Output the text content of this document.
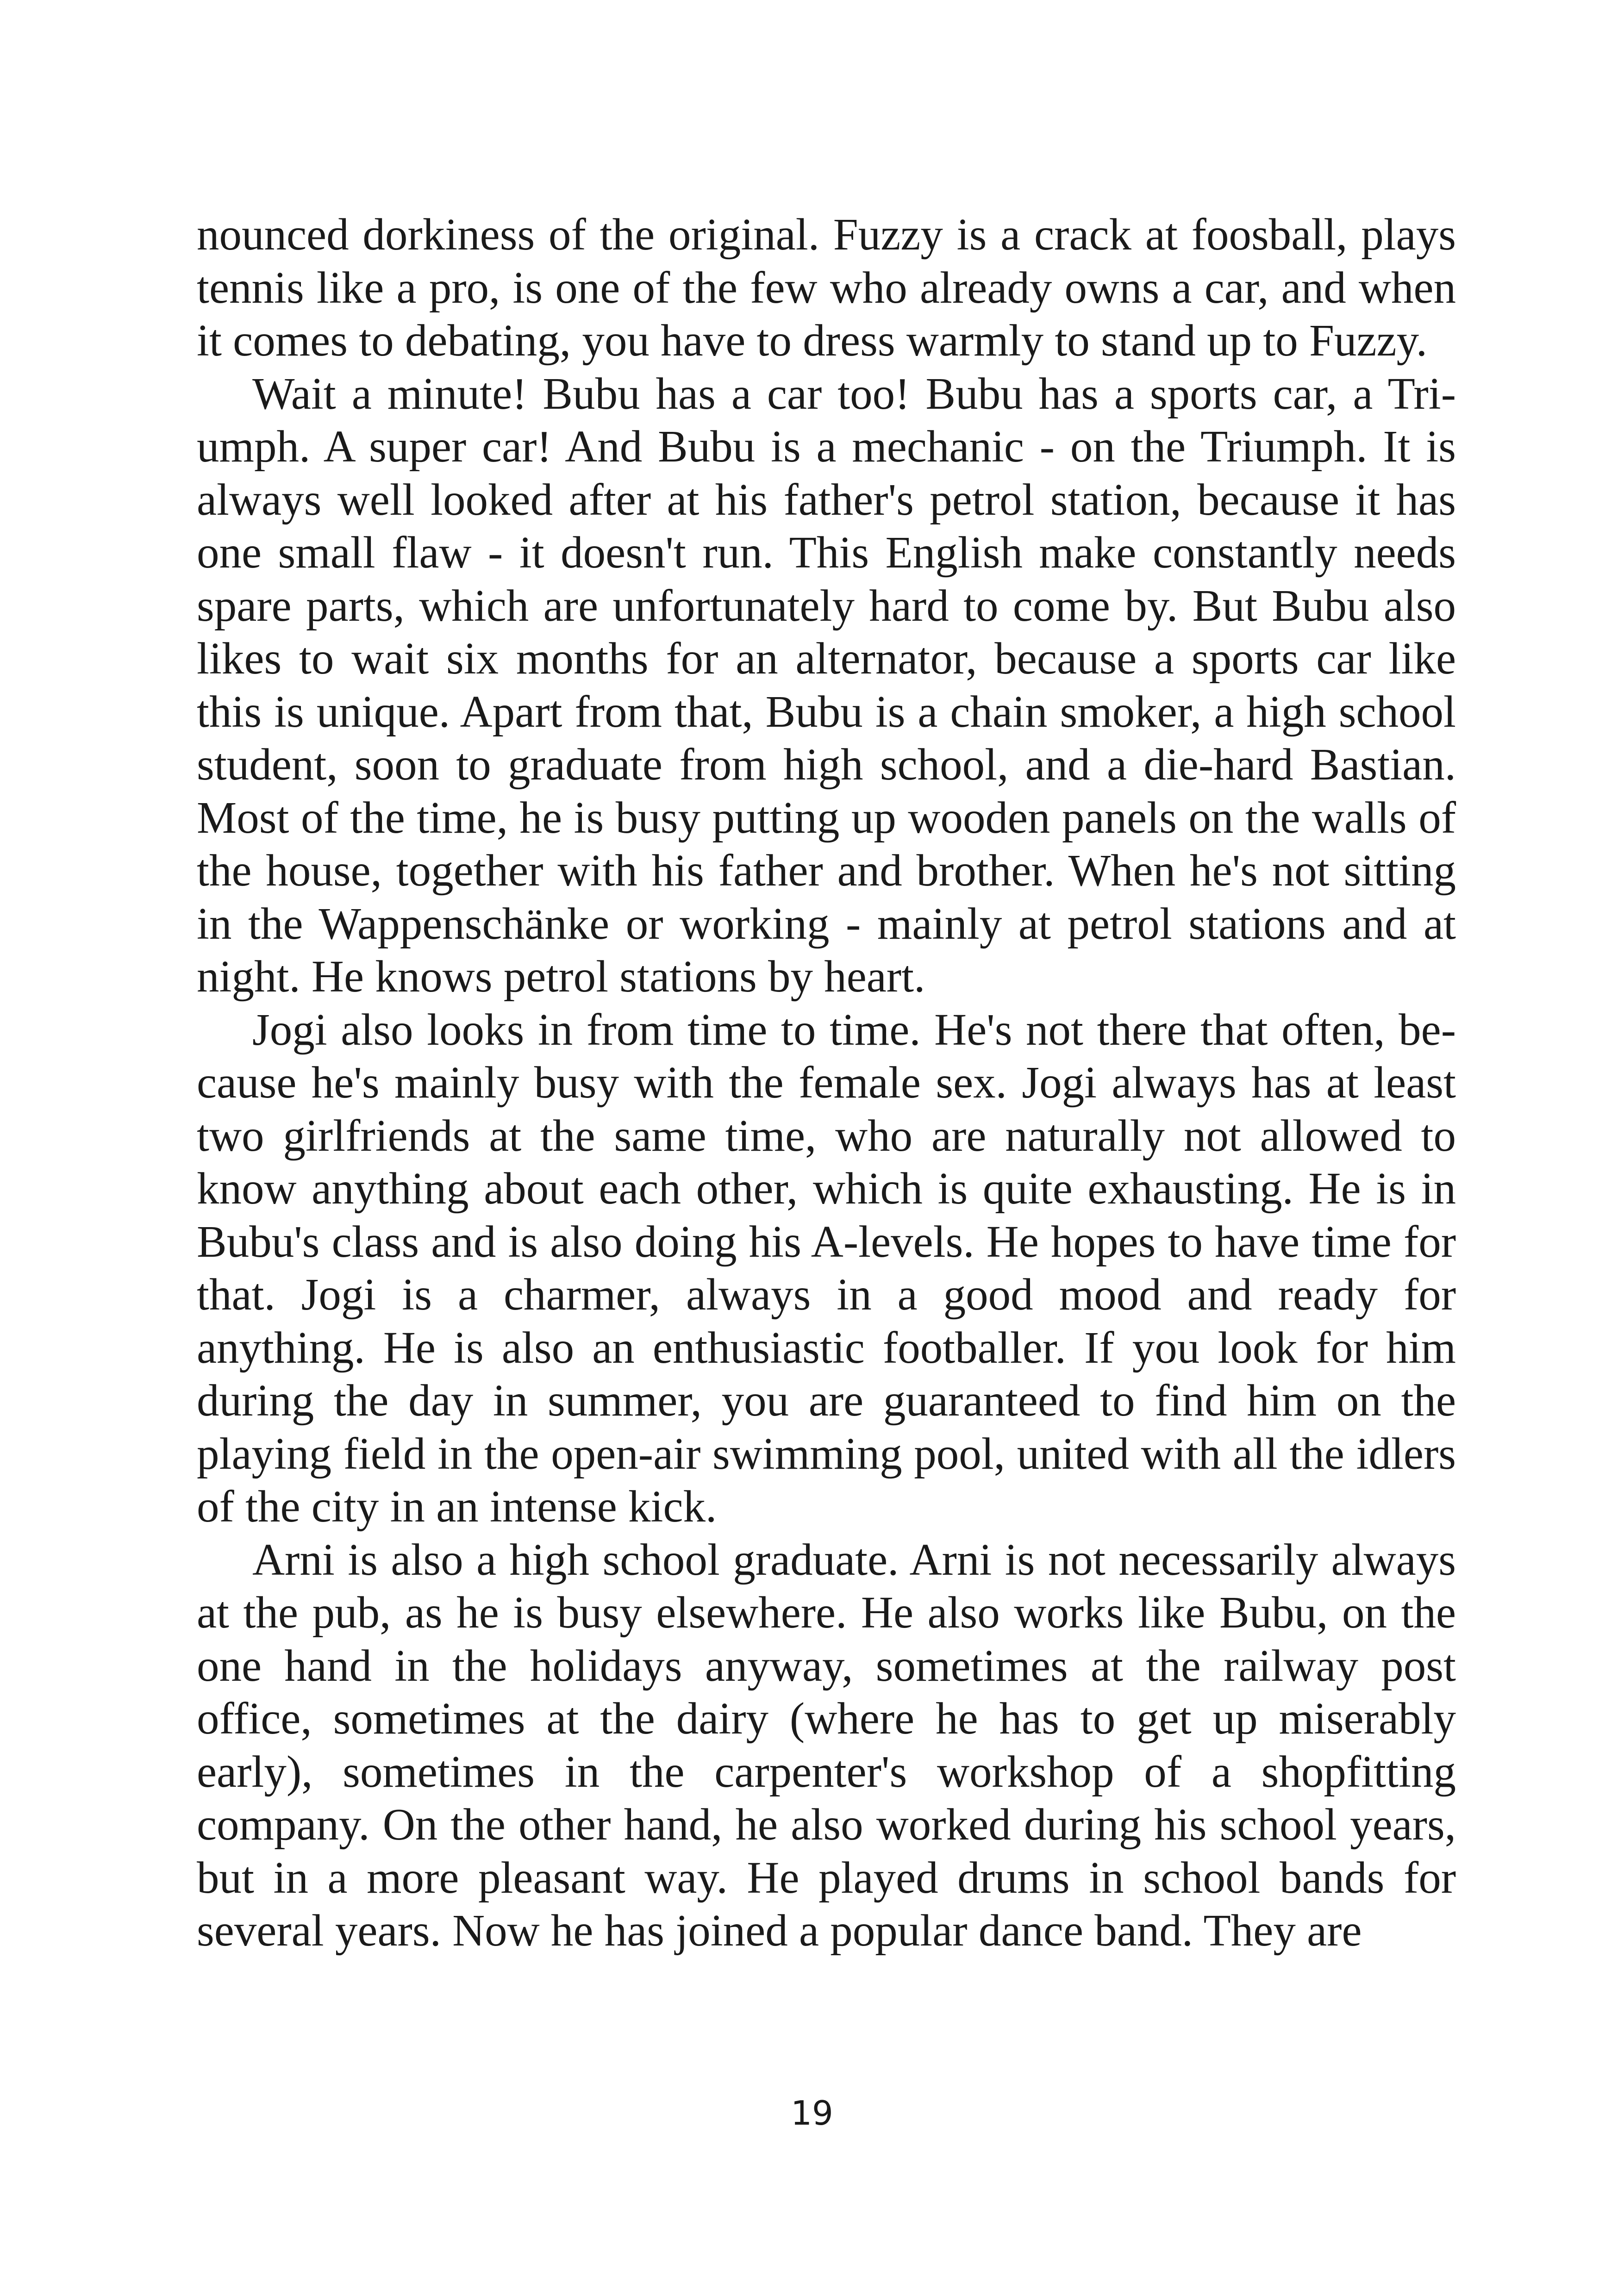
nounced dorkiness of the original. Fuzzy is a crack at foosball, plays tennis like a pro, is one of the few who already owns a car, and when it comes to debating, you have to dress warmly to stand up to Fuzzy.

Wait a minute! Bubu has a car too! Bubu has a sports car, a Triumph. A super car! And Bubu is a mechanic - on the Triumph. It is always well looked after at his father's petrol station, because it has one small flaw - it doesn't run. This English make constantly needs spare parts, which are unfortunately hard to come by. But Bubu also likes to wait six months for an alternator, because a sports car like this is unique. Apart from that, Bubu is a chain smoker, a high school student, soon to graduate from high school, and a die-hard Bastian. Most of the time, he is busy putting up wooden panels on the walls of the house, together with his father and brother. When he's not sitting in the Wappenschänke or working - mainly at petrol stations and at night. He knows petrol stations by heart.

Jogi also looks in from time to time. He's not there that often, because he's mainly busy with the female sex. Jogi always has at least two girlfriends at the same time, who are naturally not allowed to know anything about each other, which is quite exhausting. He is in Bubu's class and is also doing his A-levels. He hopes to have time for that. Jogi is a charmer, always in a good mood and ready for anything. He is also an enthusiastic footballer. If you look for him during the day in summer, you are guaranteed to find him on the playing field in the open-air swimming pool, united with all the idlers of the city in an intense kick.

Arni is also a high school graduate. Arni is not necessarily always at the pub, as he is busy elsewhere. He also works like Bubu, on the one hand in the holidays anyway, sometimes at the railway post office, sometimes at the dairy (where he has to get up miserably early), sometimes in the carpenter's workshop of a shopfitting company. On the other hand, he also worked during his school years, but in a more pleasant way. He played drums in school bands for several years. Now he has joined a popular dance band. They are

19
